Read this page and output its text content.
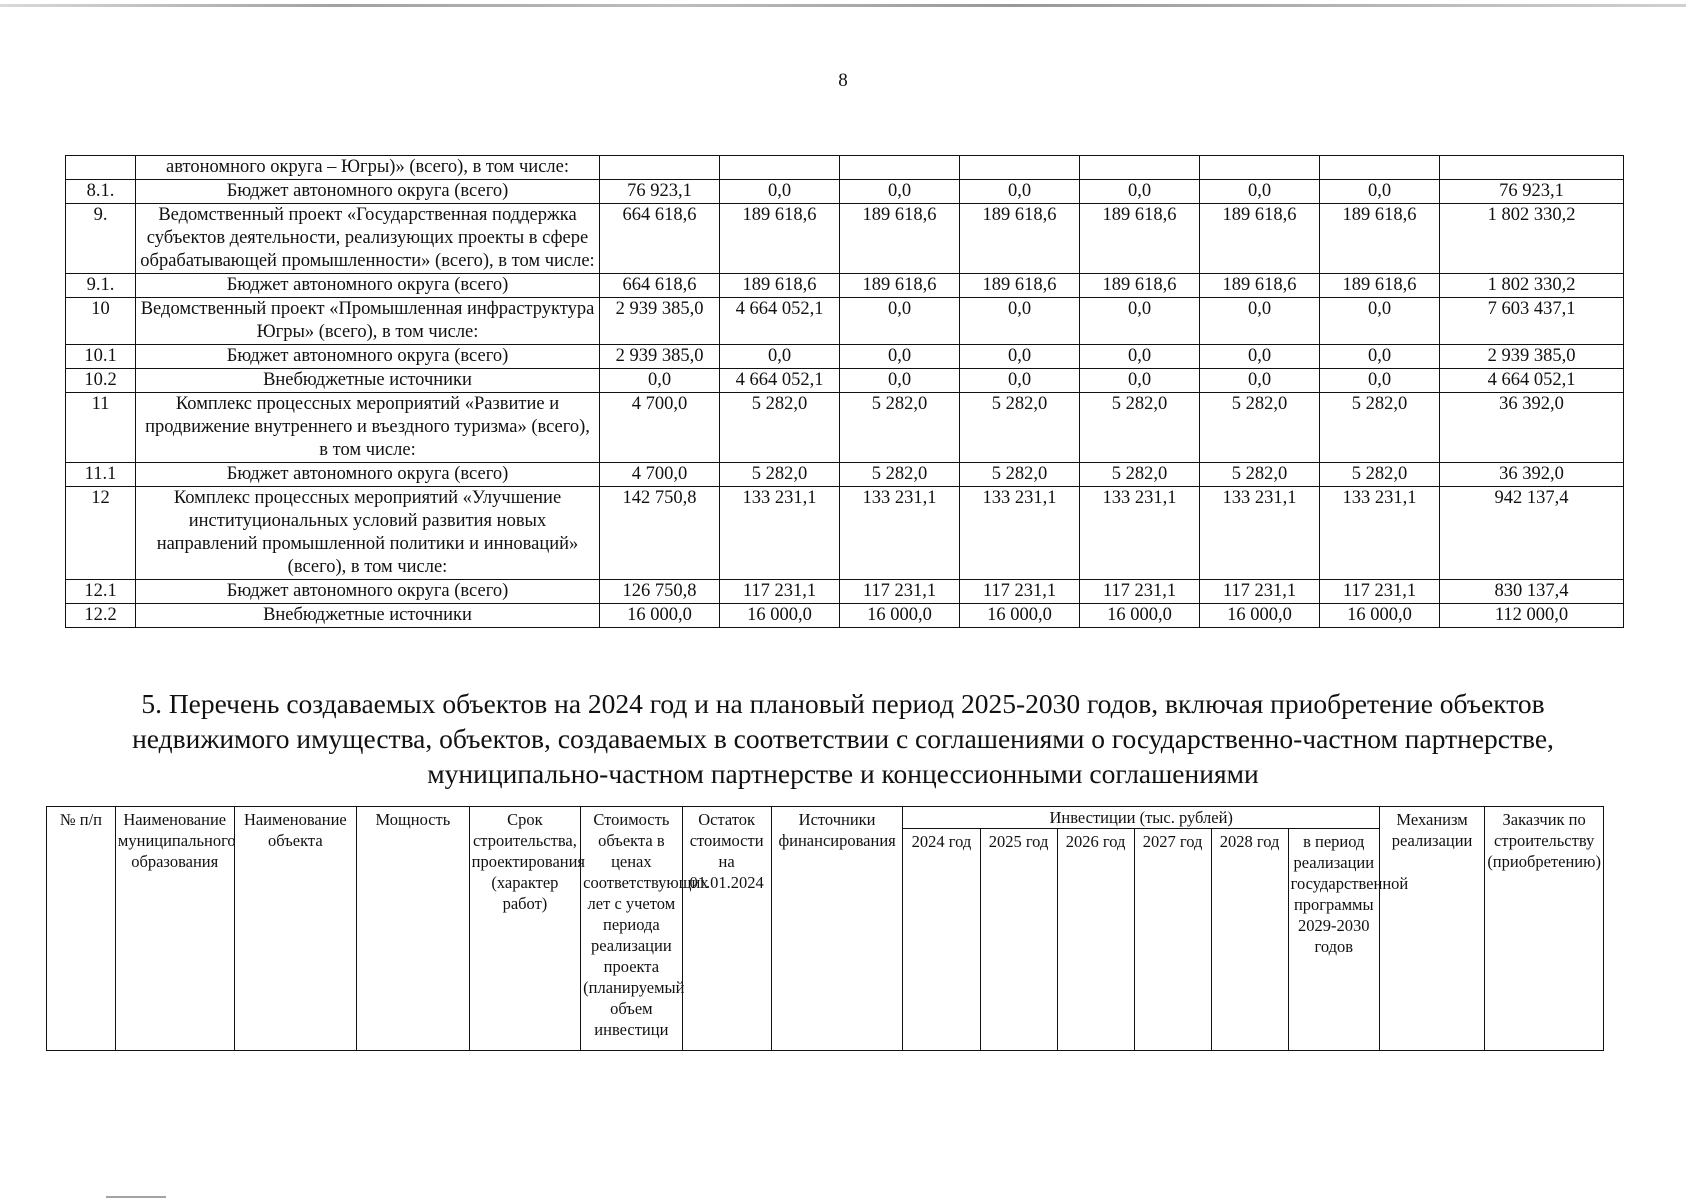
8
	автономного округа – Югры)» (всего), в том числе:								
8.1.	Бюджет автономного округа (всего)	76 923,1	0,0	0,0	0,0	0,0	0,0	0,0	76 923,1
9.	Ведомственный проект «Государственная поддержка субъектов деятельности, реализующих проекты в сфере обрабатывающей промышленности» (всего), в том числе:	664 618,6	189 618,6	189 618,6	189 618,6	189 618,6	189 618,6	189 618,6	1 802 330,2
9.1.	Бюджет автономного округа (всего)	664 618,6	189 618,6	189 618,6	189 618,6	189 618,6	189 618,6	189 618,6	1 802 330,2
10	Ведомственный проект «Промышленная инфраструктура Югры» (всего), в том числе:	2 939 385,0	4 664 052,1	0,0	0,0	0,0	0,0	0,0	7 603 437,1
10.1	Бюджет автономного округа (всего)	2 939 385,0	0,0	0,0	0,0	0,0	0,0	0,0	2 939 385,0
10.2	Внебюджетные источники	0,0	4 664 052,1	0,0	0,0	0,0	0,0	0,0	4 664 052,1
11	Комплекс процессных мероприятий «Развитие и продвижение внутреннего и въездного туризма» (всего), в том числе:	4 700,0	5 282,0	5 282,0	5 282,0	5 282,0	5 282,0	5 282,0	36 392,0
11.1	Бюджет автономного округа (всего)	4 700,0	5 282,0	5 282,0	5 282,0	5 282,0	5 282,0	5 282,0	36 392,0
12	Комплекс процессных мероприятий «Улучшение институциональных условий развития новых направлений промышленной политики и инноваций» (всего), в том числе:	142 750,8	133 231,1	133 231,1	133 231,1	133 231,1	133 231,1	133 231,1	942 137,4
12.1	Бюджет автономного округа (всего)	126 750,8	117 231,1	117 231,1	117 231,1	117 231,1	117 231,1	117 231,1	830 137,4
12.2	Внебюджетные источники	16 000,0	16 000,0	16 000,0	16 000,0	16 000,0	16 000,0	16 000,0	112 000,0
5. Перечень создаваемых объектов на 2024 год и на плановый период 2025-2030 годов, включая приобретение объектов недвижимого имущества, объектов, создаваемых в соответствии с соглашениями о государственно-частном партнерстве, муниципально-частном партнерстве и концессионными соглашениями
№ п/п	Наименование муниципального образования	Наименование объекта	Мощность	Срок строительства, проектирования (характер работ)	Стоимость объекта в ценах соответствующих лет с учетом периода реализации проекта (планируемый объем инвестици	Остаток стоимости на 01.01.2024	Источники финансирования	Инвестиции (тыс. рублей)						Механизм реализации	Заказчик по строительству (приобретению)
								2024 год	2025 год	2026 год	2027 год	2028 год	в период реализации государственной программы 2029-2030 годов		
